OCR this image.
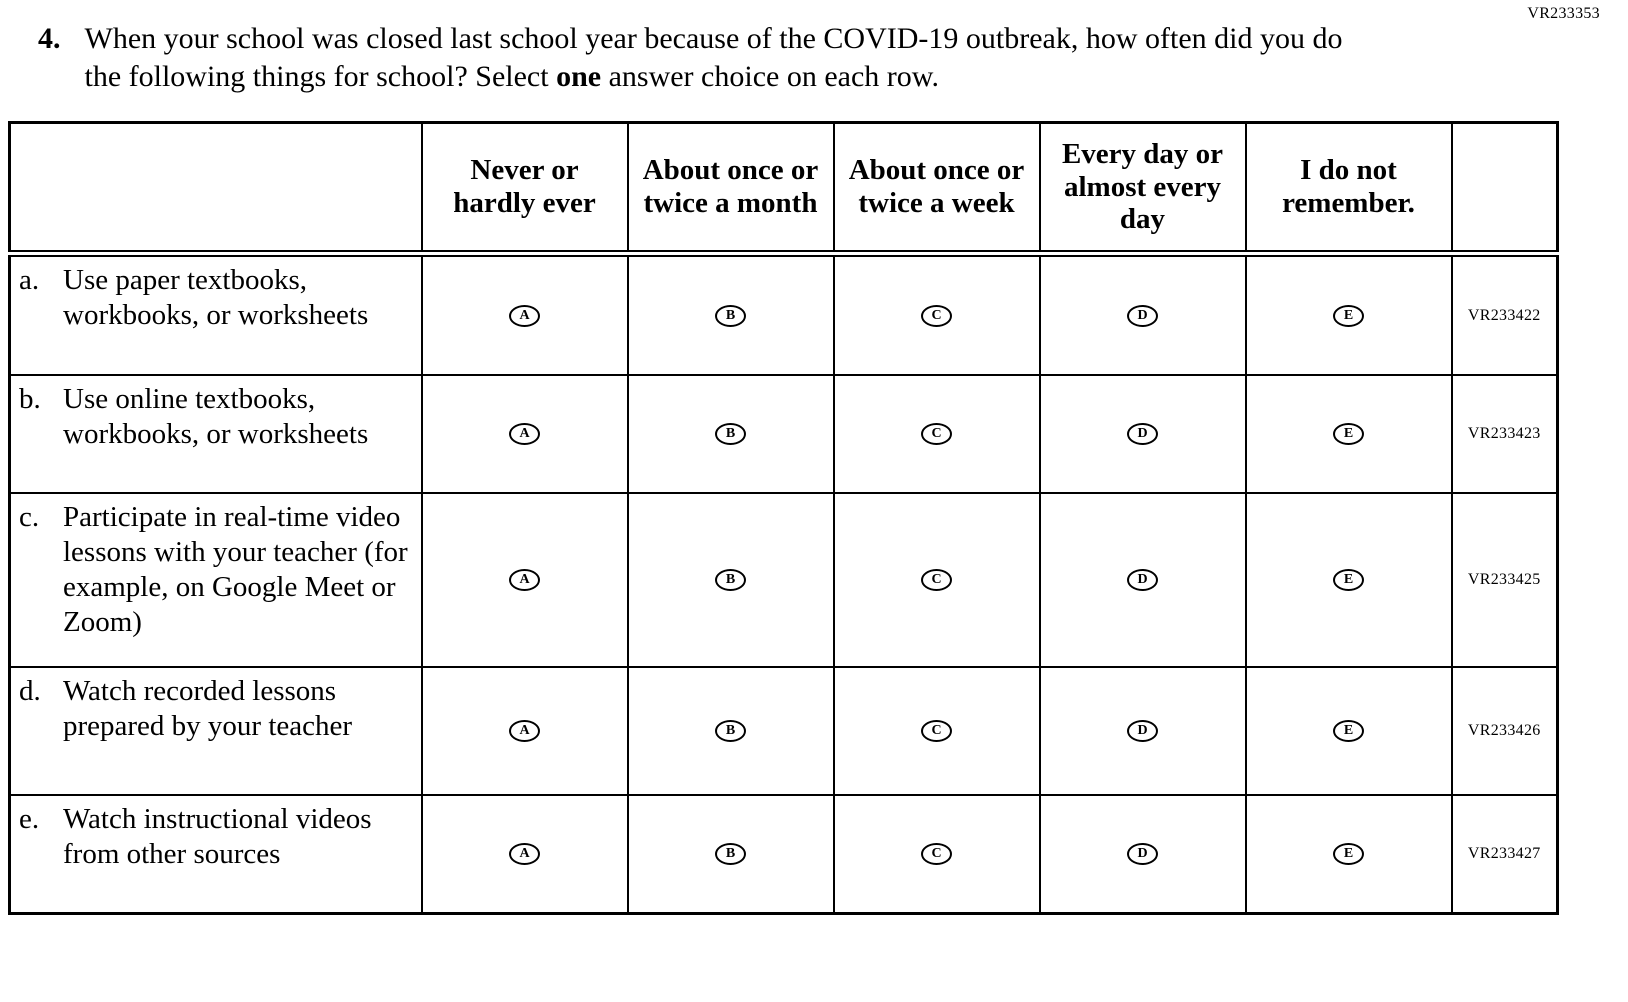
VR233353
4. When your school was closed last school year because of the COVID-19 outbreak, how often did you do the following things for school? Select one answer choice on each row.

	Never or hardly ever	About once or twice a month	About once or twice a week	Every day or almost every day	I do not remember.	

a. Use paper textbooks, workbooks, or worksheets	A	B	C	D	E	VR233422

b. Use online textbooks, workbooks, or worksheets	A	B	C	D	E	VR233423

c. Participate in real-time video lessons with your teacher (for example, on Google Meet or Zoom)	A	B	C	D	E	VR233425

d. Watch recorded lessons prepared by your teacher	A	B	C	D	E	VR233426

e. Watch instructional videos from other sources	A	B	C	D	E	VR233427
